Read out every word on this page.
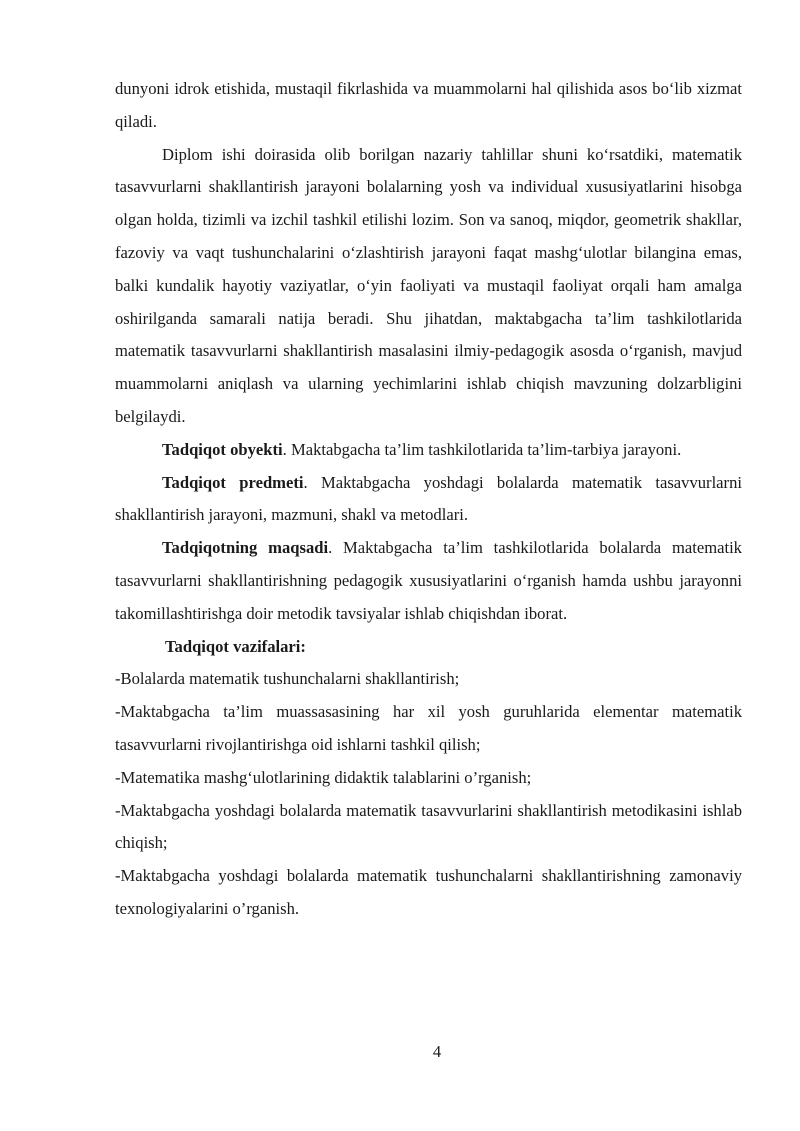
dunyoni idrok etishida, mustaqil fikrlashida va muammolarni hal qilishida asos bo‘lib xizmat qiladi.

Diplom ishi doirasida olib borilgan nazariy tahlillar shuni ko‘rsatdiki, matematik tasavvurlarni shakllantirish jarayoni bolalarning yosh va individual xususiyatlarini hisobga olgan holda, tizimli va izchil tashkil etilishi lozim. Son va sanoq, miqdor, geometrik shakllar, fazoviy va vaqt tushunchalarini o‘zlashtirish jarayoni faqat mashg‘ulotlar bilangina emas, balki kundalik hayotiy vaziyatlar, o‘yin faoliyati va mustaqil faoliyat orqali ham amalga oshirilganda samarali natija beradi. Shu jihatdan, maktabgacha ta’lim tashkilotlarida matematik tasavvurlarni shakllantirish masalasini ilmiy-pedagogik asosda o‘rganish, mavjud muammolarni aniqlash va ularning yechimlarini ishlab chiqish mavzuning dolzarbligini belgilaydi.

Tadqiqot obyekti. Maktabgacha ta’lim tashkilotlarida ta’lim-tarbiya jarayoni.

Tadqiqot predmeti. Maktabgacha yoshdagi bolalarda matematik tasavvurlarni shakllantirish jarayoni, mazmuni, shakl va metodlari.

Tadqiqotning maqsadi. Maktabgacha ta’lim tashkilotlarida bolalarda matematik tasavvurlarni shakllantirishning pedagogik xususiyatlarini o‘rganish hamda ushbu jarayonni takomillashtirishga doir metodik tavsiyalar ishlab chiqishdan iborat.

Tadqiqot vazifalari:

-Bolalarda matematik tushunchalarni shakllantirish;

-Maktabgacha ta’lim muassasasining har xil yosh guruhlarida elementar matematik tasavvurlarni rivojlantirishga oid ishlarni tashkil qilish;

-Matematika mashg‘ulotlarining didaktik talablarini o’rganish;

-Maktabgacha yoshdagi bolalarda matematik tasavvurlarini shakllantirish metodikasini ishlab chiqish;

-Maktabgacha yoshdagi bolalarda matematik tushunchalarni shakllantirishning zamonaviy texnologiyalarini o’rganish.

4
